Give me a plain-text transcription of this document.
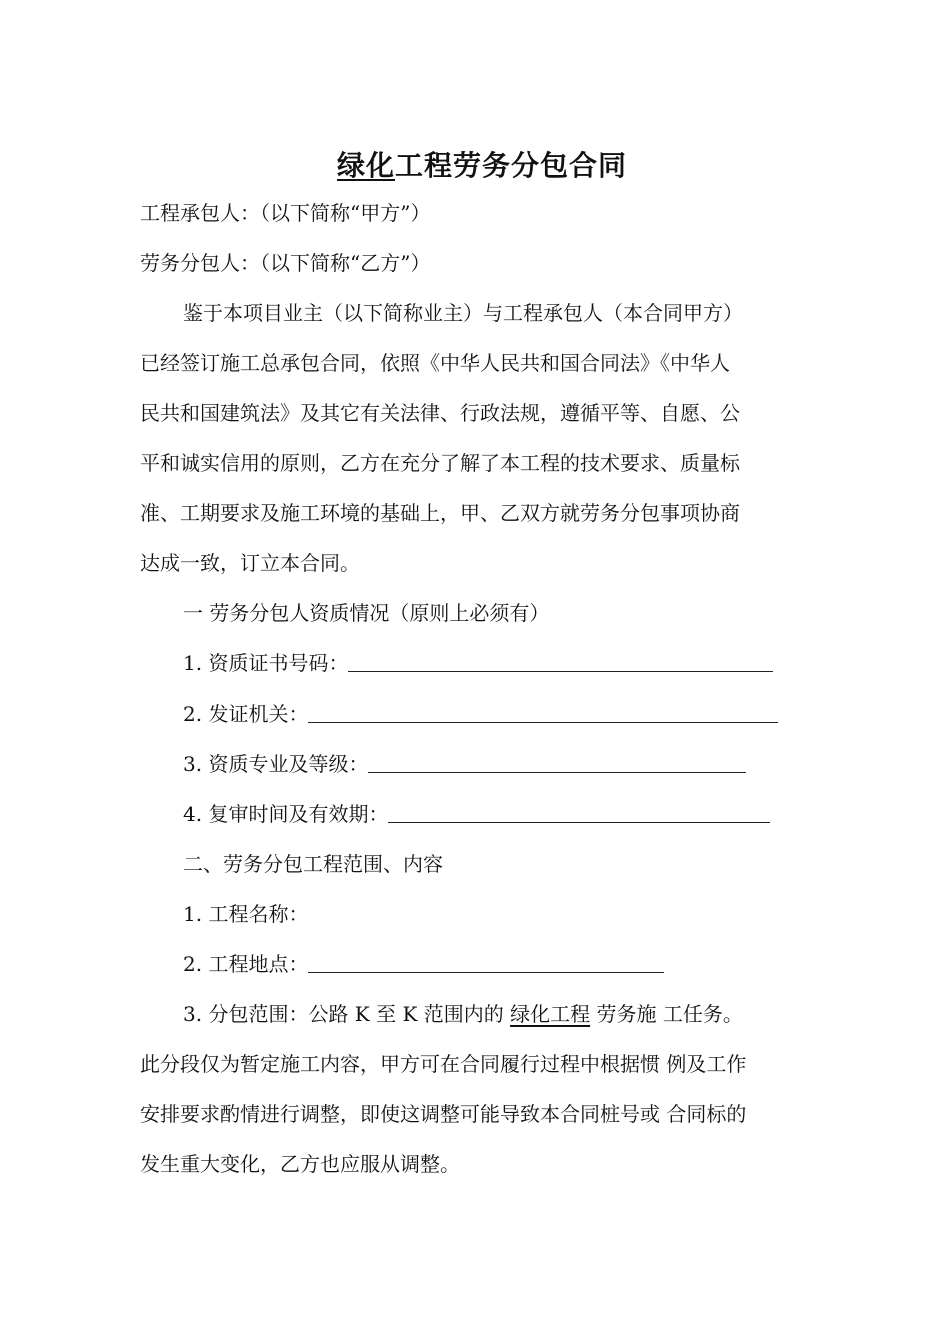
绿化工程劳务分包合同
工程承包人：（以下简称“甲方”）
劳务分包人：（以下简称“乙方”）
鉴于本项目业主（以下简称业主）与工程承包人（本合同甲方）
已经签订施工总承包合同，依照《中华人民共和国合同法》《中华人
民共和国建筑法》及其它有关法律、行政法规，遵循平等、自愿、公
平和诚实信用的原则，乙方在充分了解了本工程的技术要求、质量标
准、工期要求及施工环境的基础上，甲、乙双方就劳务分包事项协商
达成一致，订立本合同。
一 劳务分包人资质情况（原则上必须有）
1. 资质证书号码：
2. 发证机关：
3. 资质专业及等级：
4. 复审时间及有效期：
二、劳务分包工程范围、内容
1. 工程名称：
2. 工程地点：
3. 分包范围：公路 K 至 K 范围内的 绿化工程 劳务施 工任务。
此分段仅为暂定施工内容，甲方可在合同履行过程中根据惯 例及工作
安排要求酌情进行调整，即使这调整可能导致本合同桩号或 合同标的
发生重大变化，乙方也应服从调整。
